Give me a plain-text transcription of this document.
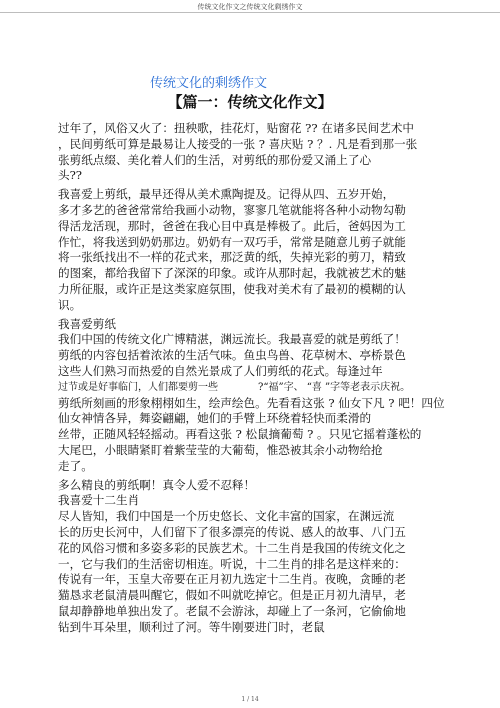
传统文化作文之传统文化剩绣作文
传统文化的剩绣作文
【篇一：传统文化作文】
过年了，风俗又火了：扭秧歌，挂花灯，贴窗花 ?? 在诸多民间艺术中
，民间剪纸可算是最易让人接受的一张 ? 喜庆贴 ? ？. 凡是看到那一张
张剪纸点缀、美化着人们的生活，对剪纸的那份爱又涌上了心
头??
我喜爱上剪纸，最早还得从美术熏陶提及。记得从四、五岁开始，
多才多艺的爸爸常常给我画小动物，寥寥几笔就能将各种小动物勾勒
得活龙活现，那时，爸爸在我心目中真是棒极了。此后，爸妈因为工
作忙，将我送到奶奶那边。奶奶有一双巧手，常常是随意儿剪子就能
将一张纸找出不一样的花式来，那泛黄的纸，失掉光彩的剪刀，精致
的图案，都给我留下了深深的印象。或许从那时起，我就被艺术的魅
力所征服，或许正是这类家庭氛围，使我对美术有了最初的模糊的认
识。
我喜爱剪纸
我们中国的传统文化广博精湛，渊远流长。我最喜爱的就是剪纸了！
剪纸的内容包括着浓浓的生活气味。鱼虫鸟兽、花草树木、亭桥景色
这些人们熟习而热爱的自然光景成了人们剪纸的花式。每逢过年
过节或是好事临门，人们都要剪一些　　　　?“福”字、 “喜 ”字等老表示庆祝。
剪纸所刻画的形象栩栩如生，绘声绘色。先看看这张 ? 仙女下凡 ? 吧！四位
仙女神情各异，舞姿翩翩，她们的手臂上环绕着轻快而柔滑的
丝带，正随风轻轻摇动。再看这张 ? 松鼠摘葡萄 ? 。只见它摇着蓬松的
大尾巴，小眼睛紧盯着紫莹莹的大葡萄，惟恐被其余小动物给抢
走了。
多么精良的剪纸啊！真令人爱不忍释！
我喜爱十二生肖
尽人皆知，我们中国是一个历史悠长、文化丰富的国家，在渊远流
长的历史长河中，人们留下了很多漂亮的传说、感人的故事、八门五
花的风俗习惯和多姿多彩的民族艺术。十二生肖是我国的传统文化之
一，它与我们的生活密切相连。听说，十二生肖的排名是这样来的：
传说有一年，玉皇大帝要在正月初九选定十二生肖。夜晚，贪睡的老
猫恳求老鼠清晨叫醒它，假如不叫就吃掉它。但是正月初九清早，老
鼠却静静地单独出发了。老鼠不会游泳，却碰上了一条河，它偷偷地
钻到牛耳朵里，顺利过了河。等牛刚要进门时，老鼠
1 / 14
